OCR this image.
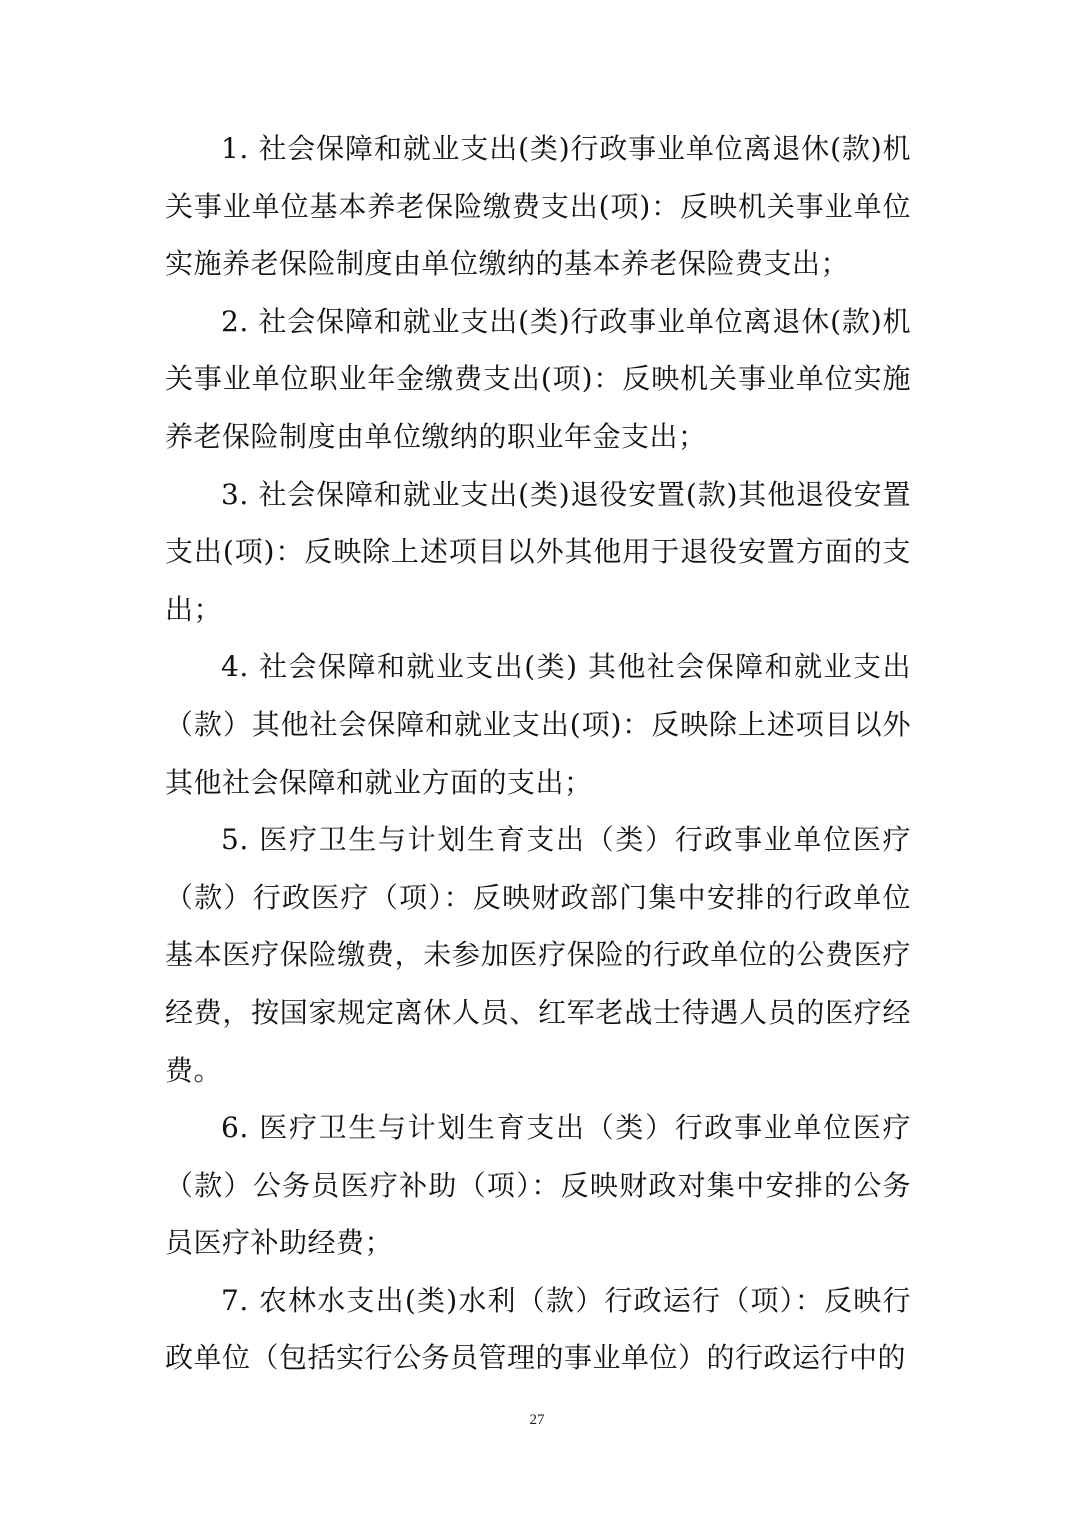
1. 社会保障和就业支出(类)行政事业单位离退休(款)机关事业单位基本养老保险缴费支出(项)：反映机关事业单位实施养老保险制度由单位缴纳的基本养老保险费支出；

2. 社会保障和就业支出(类)行政事业单位离退休(款)机关事业单位职业年金缴费支出(项)：反映机关事业单位实施养老保险制度由单位缴纳的职业年金支出；

3. 社会保障和就业支出(类)退役安置(款)其他退役安置支出(项)：反映除上述项目以外其他用于退役安置方面的支出；

4. 社会保障和就业支出(类) 其他社会保障和就业支出（款）其他社会保障和就业支出(项)：反映除上述项目以外其他社会保障和就业方面的支出；

5. 医疗卫生与计划生育支出（类）行政事业单位医疗（款）行政医疗（项）：反映财政部门集中安排的行政单位基本医疗保险缴费，未参加医疗保险的行政单位的公费医疗经费，按国家规定离休人员、红军老战士待遇人员的医疗经费。

6. 医疗卫生与计划生育支出（类）行政事业单位医疗（款）公务员医疗补助（项）：反映财政对集中安排的公务员医疗补助经费；

7. 农林水支出(类)水利（款）行政运行（项）：反映行政单位（包括实行公务员管理的事业单位）的行政运行中的

27
